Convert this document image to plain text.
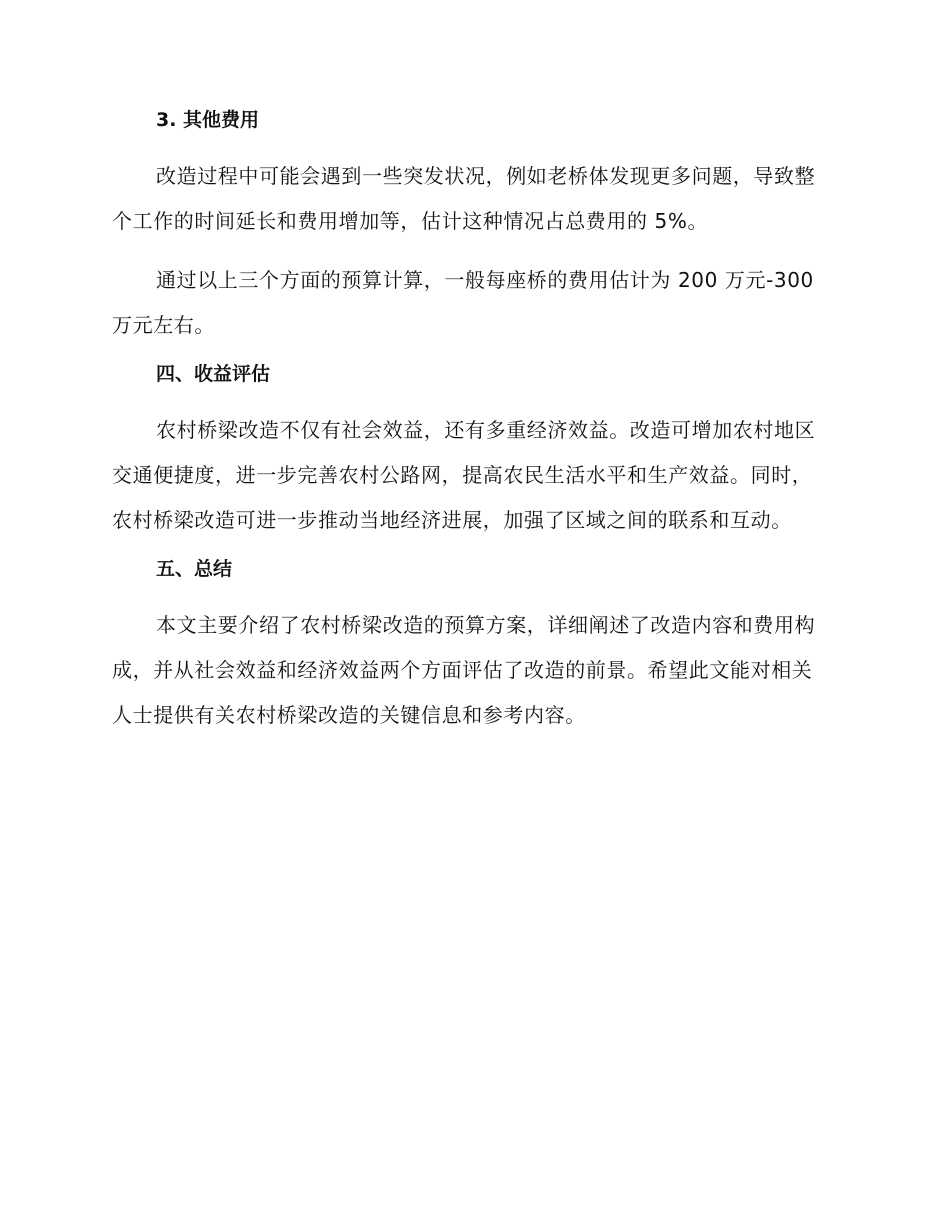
3. 其他费用

改造过程中可能会遇到一些突发状况，例如老桥体发现更多问题，导致整个工作的时间延长和费用增加等，估计这种情况占总费用的 5%。

通过以上三个方面的预算计算，一般每座桥的费用估计为 200 万元-300 万元左右。

四、收益评估

农村桥梁改造不仅有社会效益，还有多重经济效益。改造可增加农村地区交通便捷度，进一步完善农村公路网，提高农民生活水平和生产效益。同时，农村桥梁改造可进一步推动当地经济进展，加强了区域之间的联系和互动。

五、总结

本文主要介绍了农村桥梁改造的预算方案，详细阐述了改造内容和费用构成，并从社会效益和经济效益两个方面评估了改造的前景。希望此文能对相关人士提供有关农村桥梁改造的关键信息和参考内容。
